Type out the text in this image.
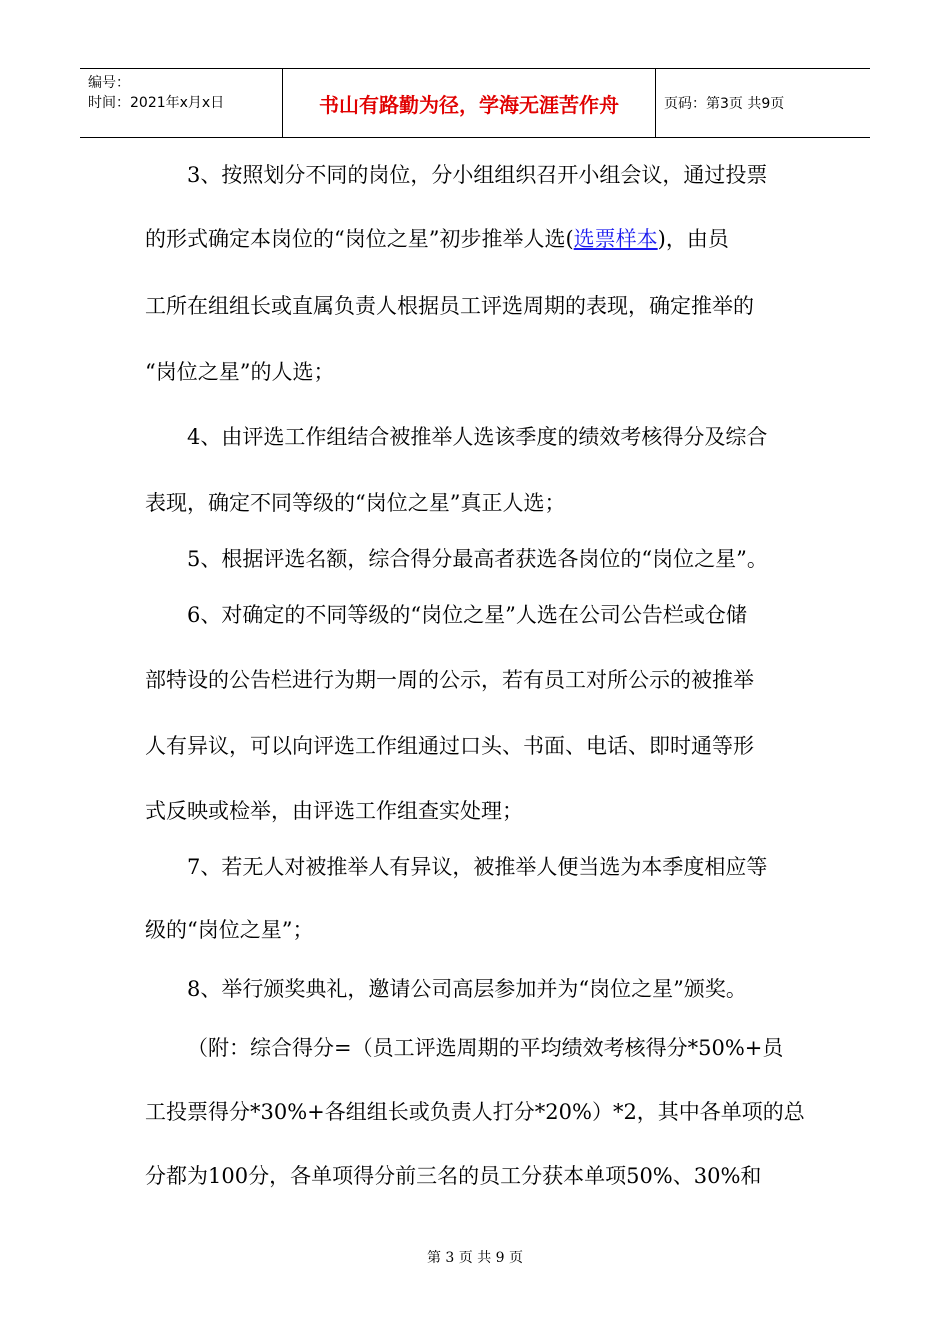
编号：
时间：2021年x月x日	书山有路勤为径，学海无涯苦作舟	页码：第3页 共9页
3、按照划分不同的岗位，分小组组织召开小组会议，通过投票
的形式确定本岗位的“岗位之星”初步推举人选(选票样本)，由员
工所在组组长或直属负责人根据员工评选周期的表现，确定推举的
“岗位之星”的人选；
4、由评选工作组结合被推举人选该季度的绩效考核得分及综合
表现，确定不同等级的“岗位之星”真正人选；
5、根据评选名额，综合得分最高者获选各岗位的“岗位之星”。
6、对确定的不同等级的“岗位之星”人选在公司公告栏或仓储
部特设的公告栏进行为期一周的公示，若有员工对所公示的被推举
人有异议，可以向评选工作组通过口头、书面、电话、即时通等形
式反映或检举，由评选工作组查实处理；
7、若无人对被推举人有异议，被推举人便当选为本季度相应等
级的“岗位之星”；
8、举行颁奖典礼，邀请公司高层参加并为“岗位之星”颁奖。
（附：综合得分=（员工评选周期的平均绩效考核得分*50%+员
工投票得分*30%+各组组长或负责人打分*20%）*2，其中各单项的总
分都为100分，各单项得分前三名的员工分获本单项50%、30%和
第 3 页 共 9 页
